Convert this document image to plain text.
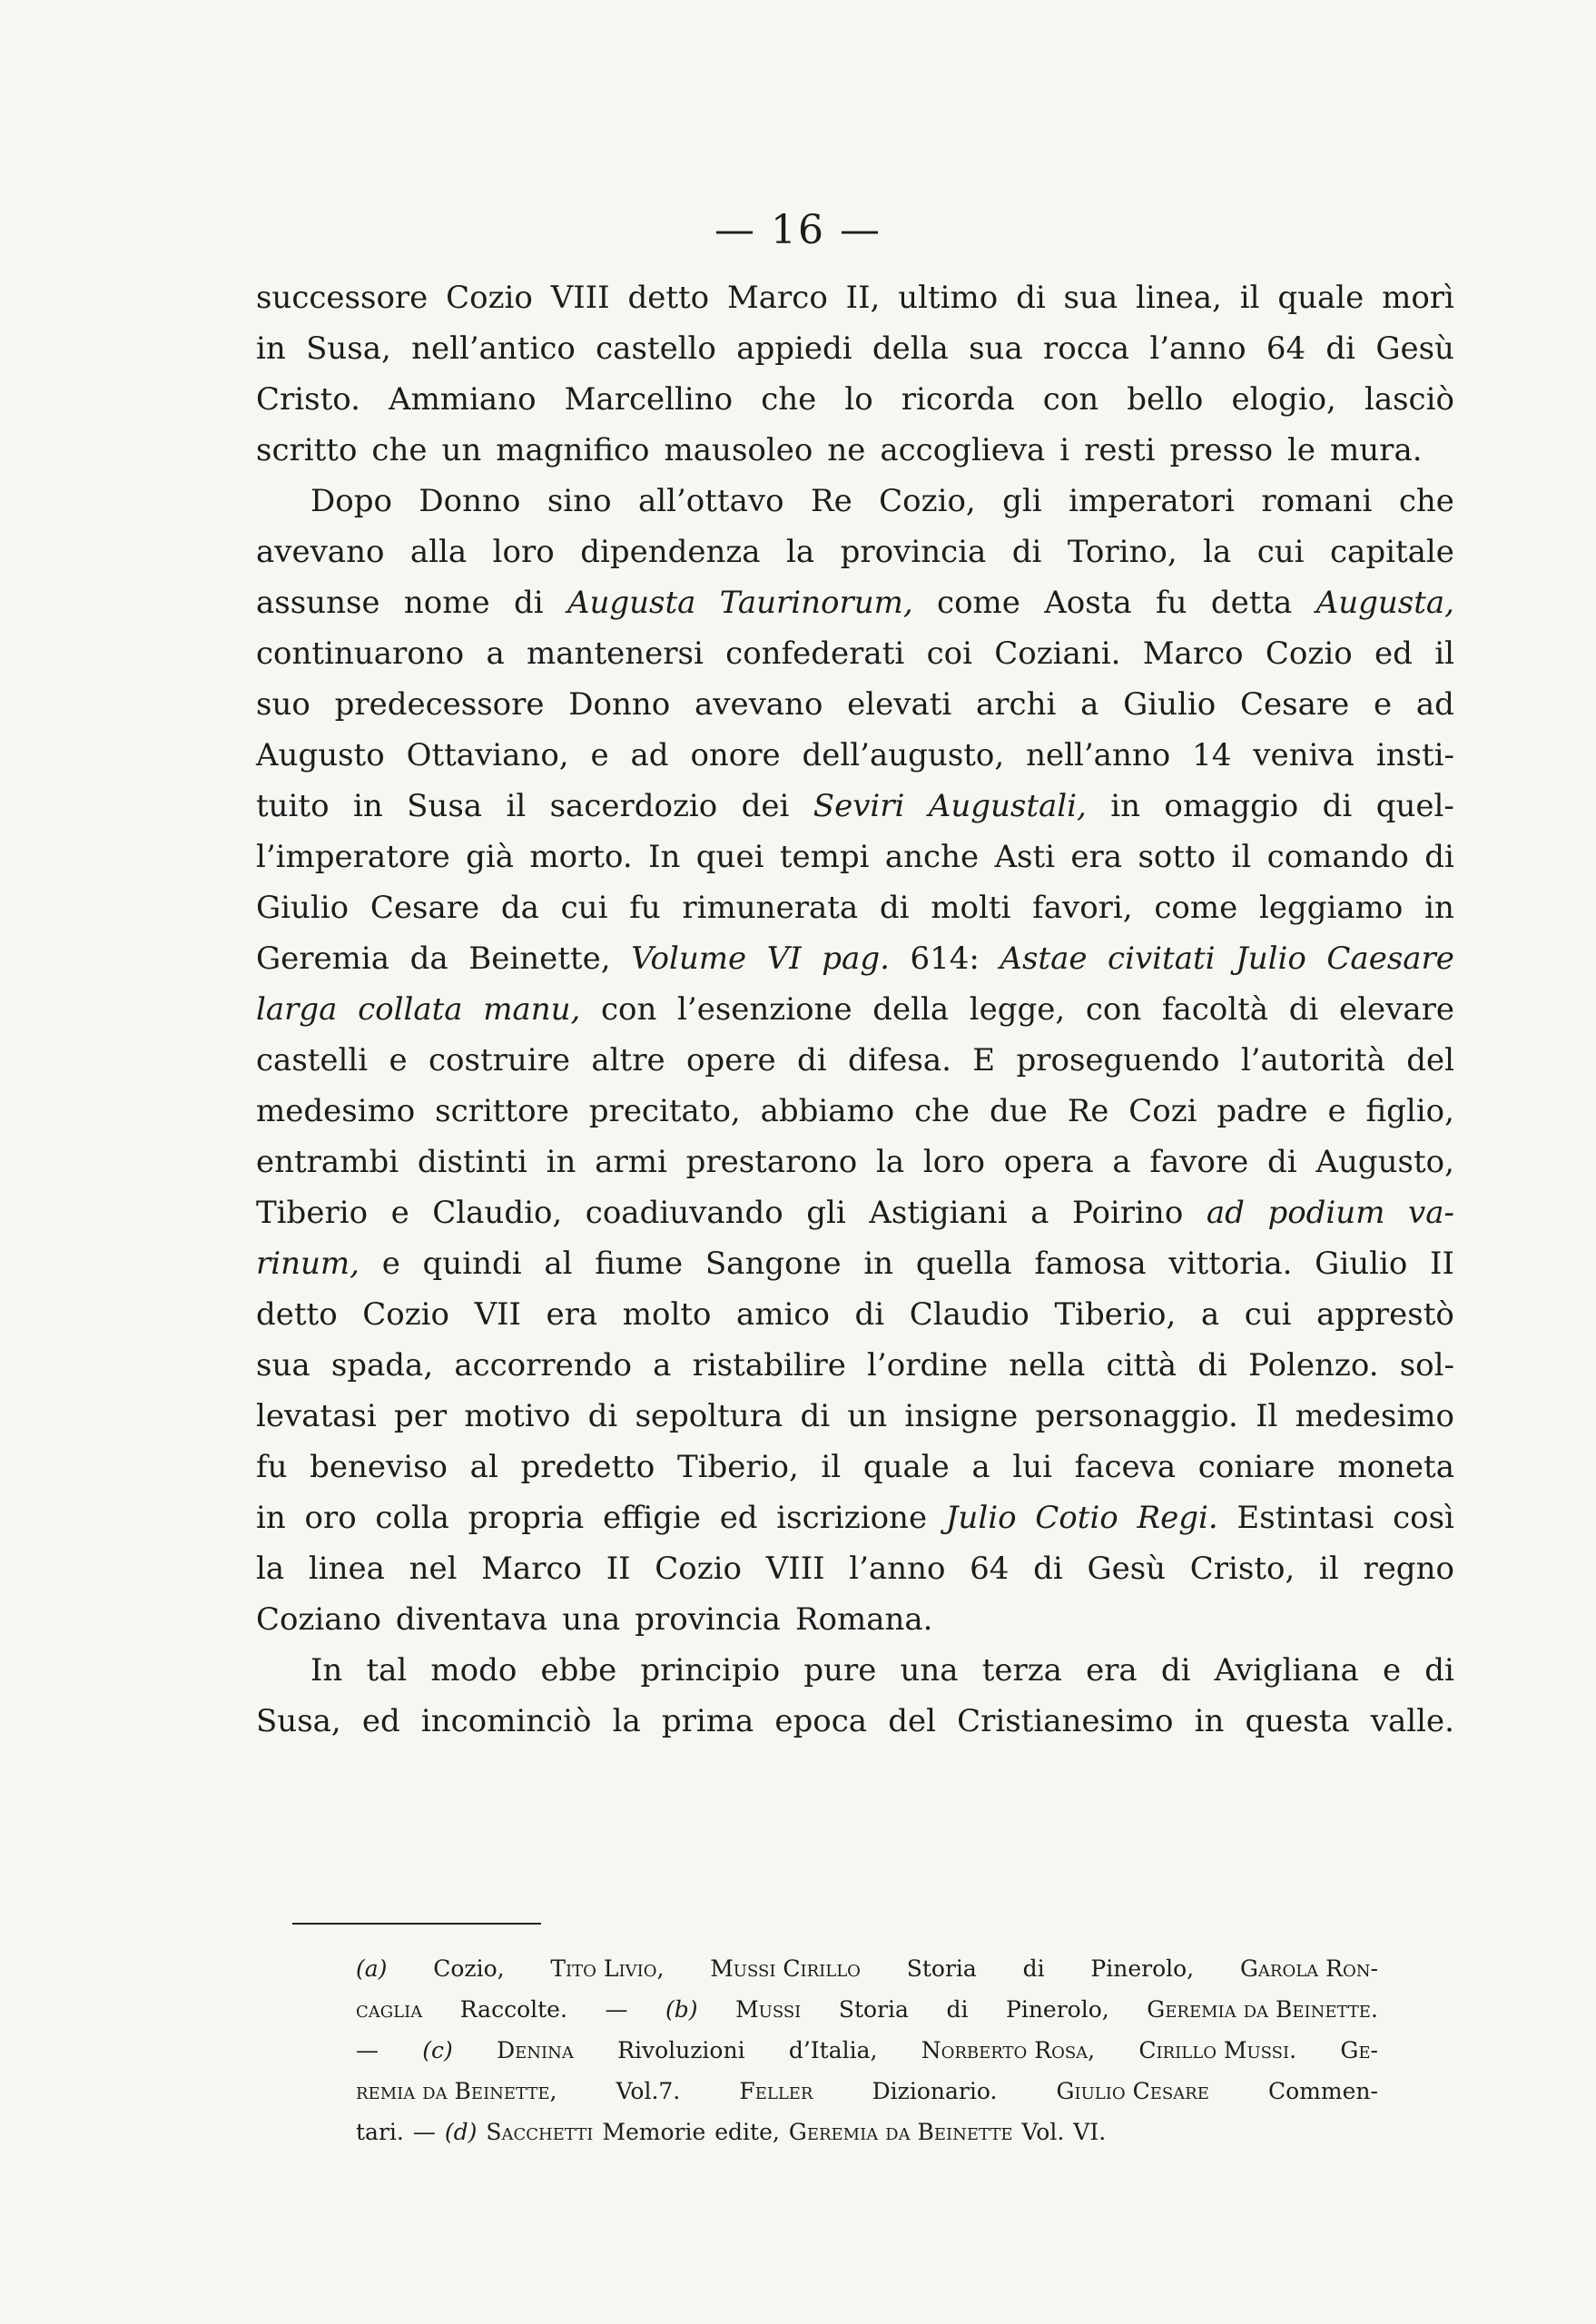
— 16 —
successore Cozio VIII detto Marco II, ultimo di sua linea, il quale morì
in Susa, nell’antico castello appiedi della sua rocca l’anno 64 di Gesù
Cristo. Ammiano Marcellino che lo ricorda con bello elogio, lasciò
scritto che un magnifico mausoleo ne accoglieva i resti presso le mura.
Dopo Donno sino all’ottavo Re Cozio, gli imperatori romani che
avevano alla loro dipendenza la provincia di Torino, la cui capitale
assunse nome di Augusta Taurinorum, come Aosta fu detta Augusta,
continuarono a mantenersi confederati coi Coziani. Marco Cozio ed il
suo predecessore Donno avevano elevati archi a Giulio Cesare e ad
Augusto Ottaviano, e ad onore dell’augusto, nell’anno 14 veniva insti-
tuito in Susa il sacerdozio dei Seviri Augustali, in omaggio di quel-
l’imperatore già morto. In quei tempi anche Asti era sotto il comando di
Giulio Cesare da cui fu rimunerata di molti favori, come leggiamo in
Geremia da Beinette, Volume VI pag. 614: Astae civitati Julio Caesare
larga collata manu, con l’esenzione della legge, con facoltà di elevare
castelli e costruire altre opere di difesa. E proseguendo l’autorità del
medesimo scrittore precitato, abbiamo che due Re Cozi padre e figlio,
entrambi distinti in armi prestarono la loro opera a favore di Augusto,
Tiberio e Claudio, coadiuvando gli Astigiani a Poirino ad podium va-
rinum, e quindi al fiume Sangone in quella famosa vittoria. Giulio II
detto Cozio VII era molto amico di Claudio Tiberio, a cui apprestò
sua spada, accorrendo a ristabilire l’ordine nella città di Polenzo. sol-
levatasi per motivo di sepoltura di un insigne personaggio. Il medesimo
fu beneviso al predetto Tiberio, il quale a lui faceva coniare moneta
in oro colla propria effigie ed iscrizione Julio Cotio Regi. Estintasi così
la linea nel Marco II Cozio VIII l’anno 64 di Gesù Cristo, il regno
Coziano diventava una provincia Romana.
In tal modo ebbe principio pure una terza era di Avigliana e di
Susa, ed incominciò la prima epoca del Cristianesimo in questa valle.
(a) Cozio, Tito Livio, Mussi Cirillo Storia di Pinerolo, Garola Ron-
caglia Raccolte. — (b) Mussi Storia di Pinerolo, Geremia da Beinette.
— (c) Denina Rivoluzioni d’Italia, Norberto Rosa, Cirillo Mussi. Ge-
remia da Beinette,	Vol.7.	Feller	Dizionario.	Giulio Cesare	Commen-
tari. — (d) Sacchetti Memorie edite, Geremia da Beinette Vol. VI.
